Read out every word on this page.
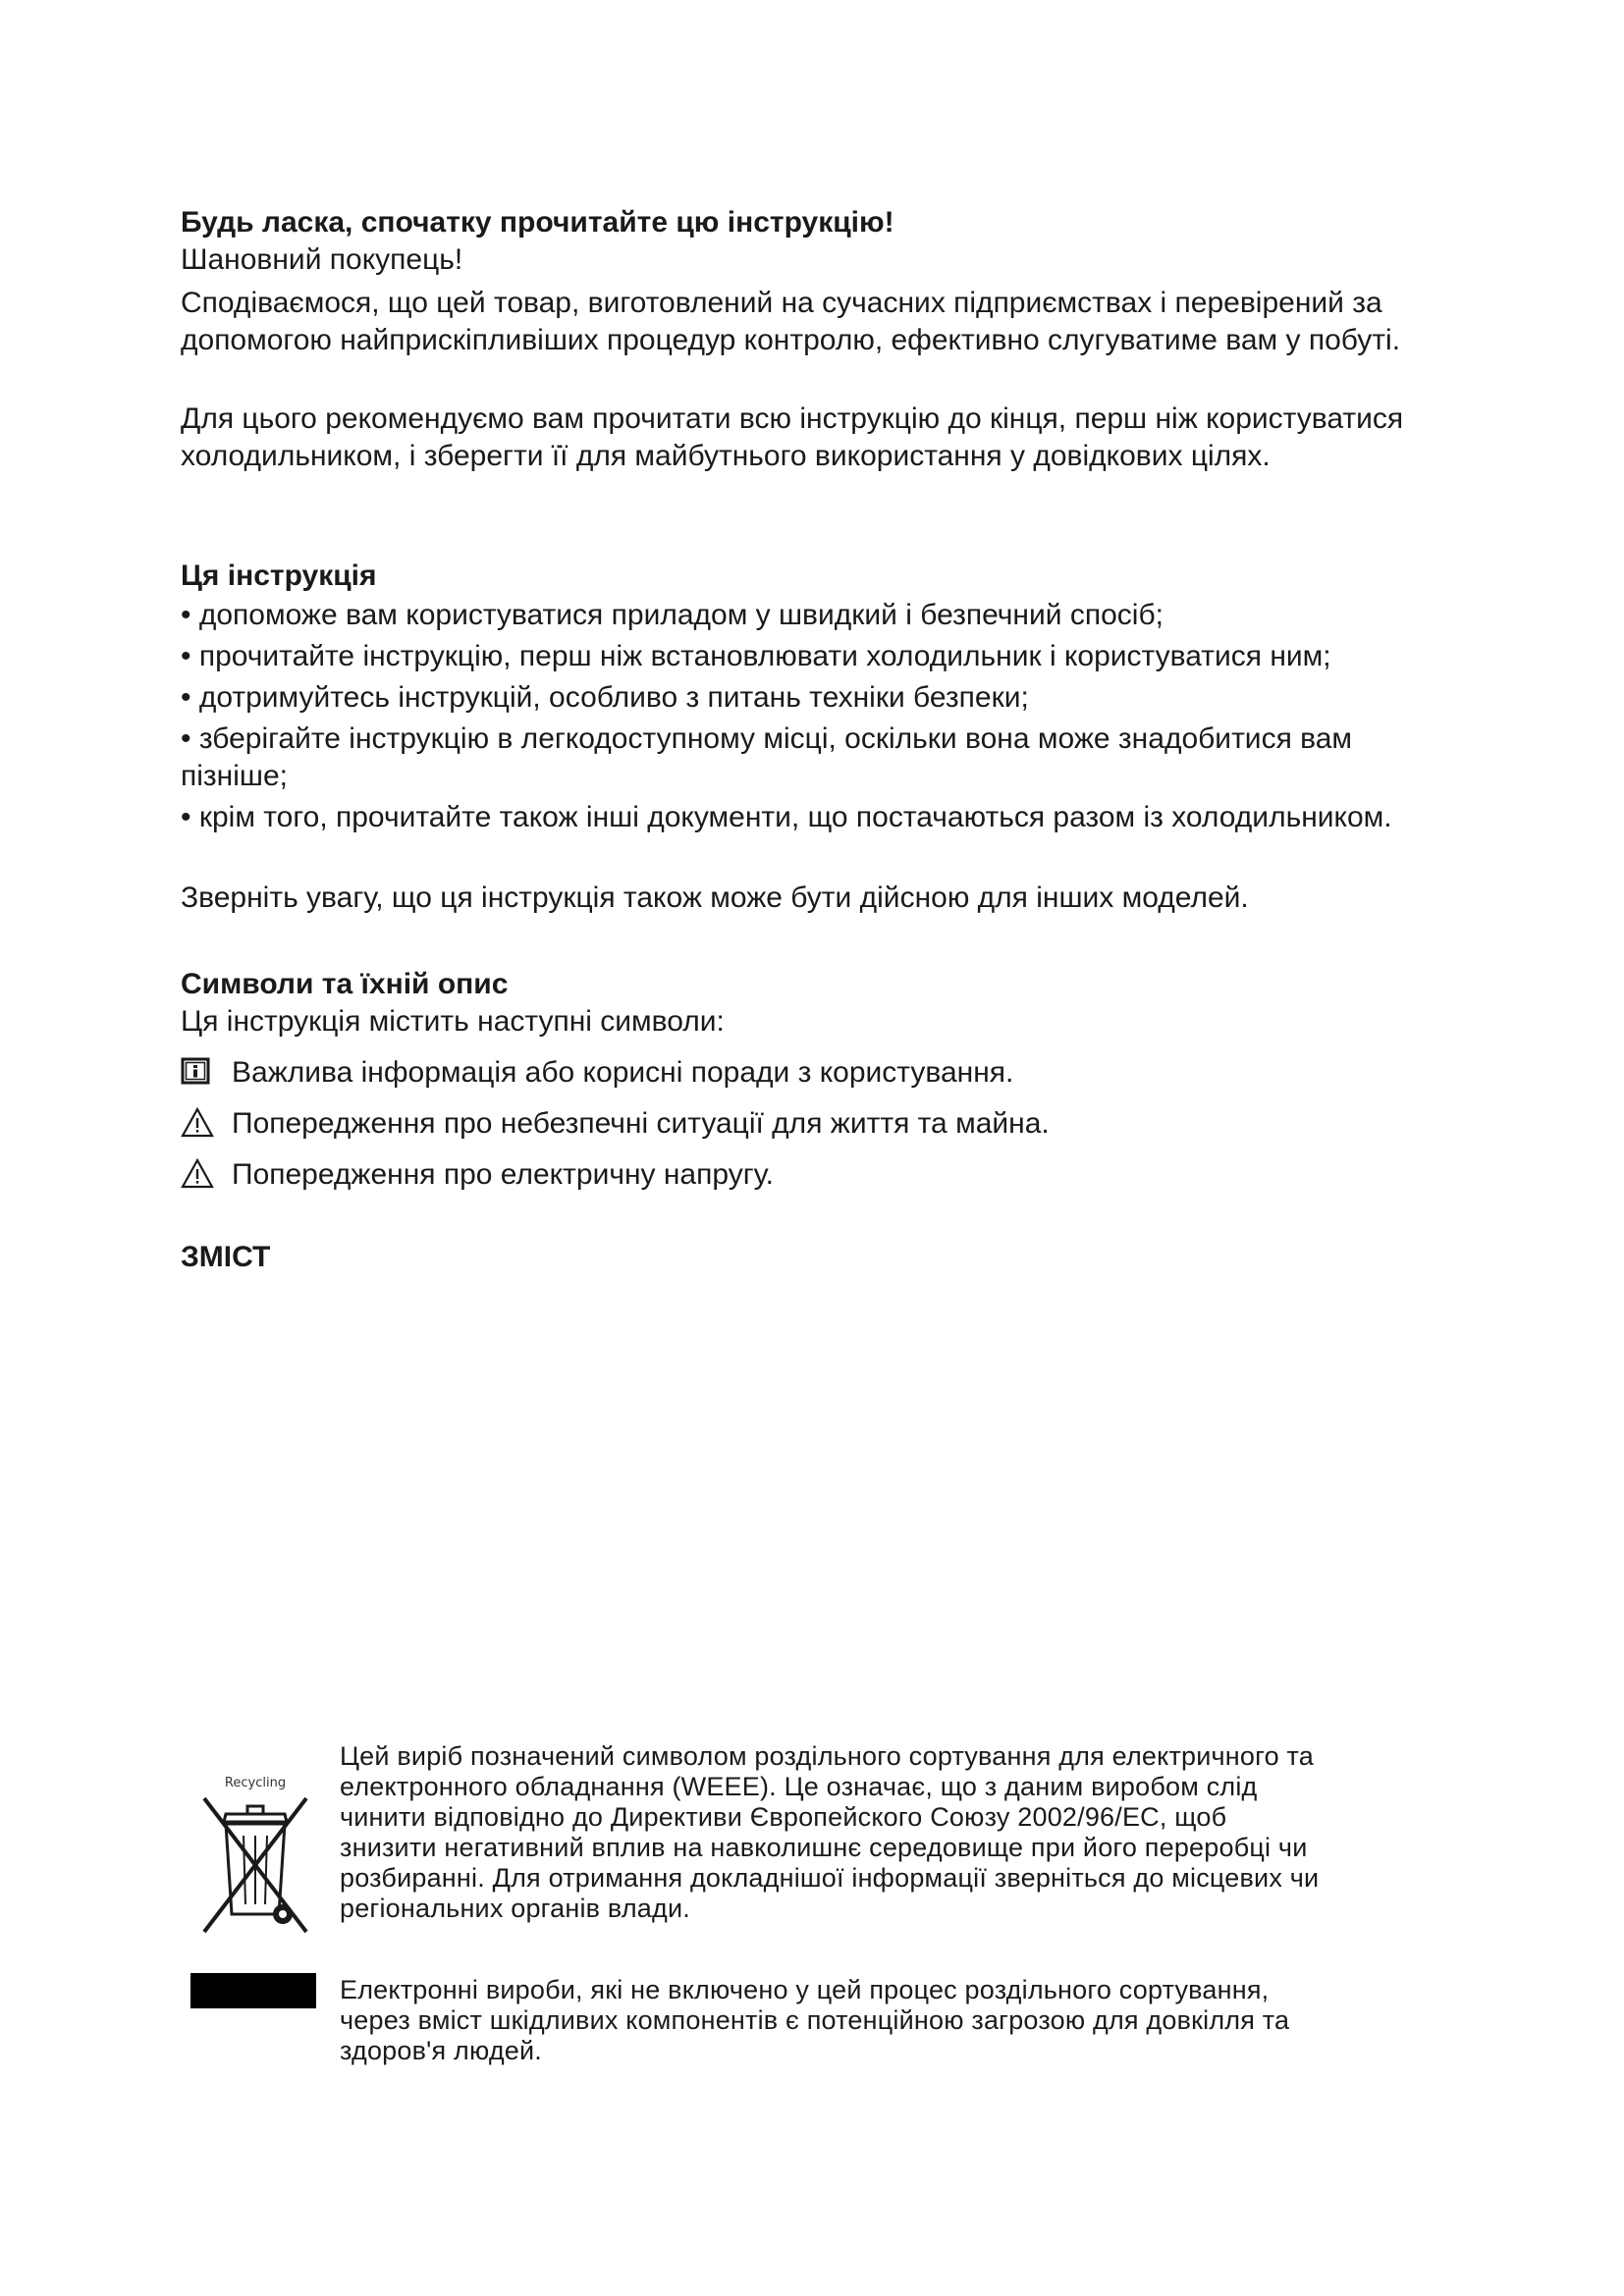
Будь ласка, спочатку прочитайте цю інструкцію!
Шановний покупець!

Сподіваємося, що цей товар, виготовлений на сучасних підприємствах і перевірений за допомогою найприскіпливіших процедур контролю, ефективно слугуватиме вам у побуті.

Для цього рекомендуємо вам прочитати всю інструкцію до кінця, перш ніж користуватися холодильником, і зберегти її для майбутнього використання у довідкових цілях.

Ця інструкція

• допоможе вам користуватися приладом у швидкий і безпечний спосіб;

• прочитайте інструкцію, перш ніж встановлювати холодильник і користуватися ним;

• дотримуйтесь інструкцій, особливо з питань техніки безпеки;

• зберігайте інструкцію в легкодоступному місці, оскільки вона може знадобитися вам пізніше;

• крім того, прочитайте також інші документи, що постачаються разом із холодильником.

Зверніть увагу, що ця інструкція також може бути дійсною для інших моделей.

Символи та їхній опис
Ця інструкція містить наступні символи:
Важлива інформація або корисні поради з користування.
Попередження про небезпечні ситуації для життя та майна.
Попередження про електричну напругу.
ЗМІСТ
Recycling

Цей виріб позначений символом роздільного сортування для електричного та електронного обладнання (WEEE). Це означає, що з даним виробом слід чинити відповідно до Директиви Європейского Союзу 2002/96/EC, щоб знизити негативний вплив на навколишнє середовище при його переробці чи розбиранні. Для отримання докладнішої інформації зверніться до місцевих чи регіональних органів влади.

Електронні вироби, які не включено у цей процес роздільного сортування, через вміст шкідливих компонентів є потенційною загрозою для довкілля та здоров'я людей.
